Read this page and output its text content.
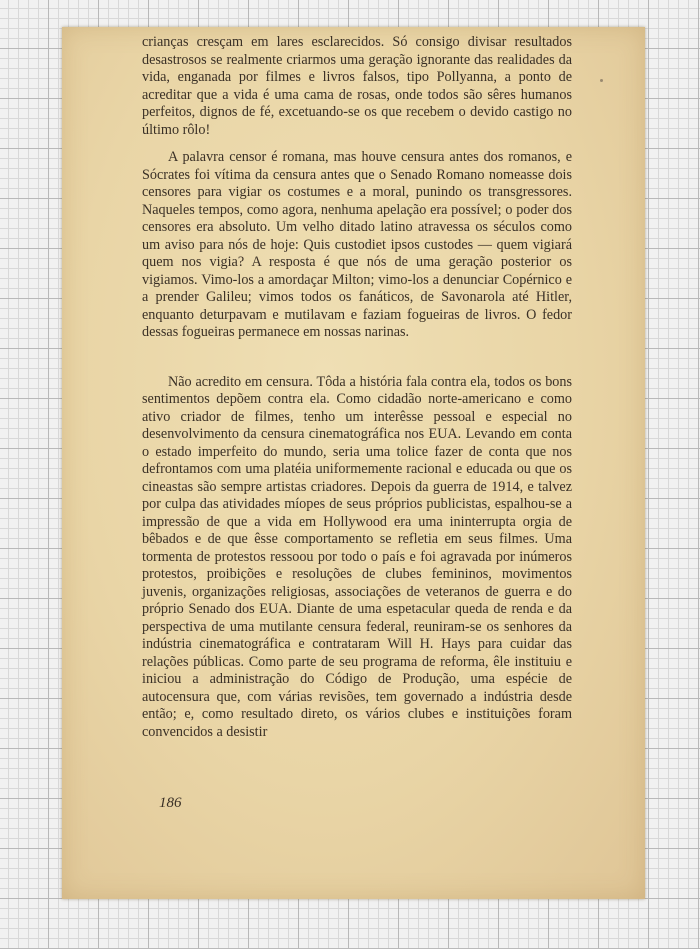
crianças cresçam em lares esclarecidos. Só consigo divisar resultados desastrosos se realmente criarmos uma geração ignorante das realidades da vida, enganada por filmes e livros falsos, tipo Pollyanna, a ponto de acreditar que a vida é uma cama de rosas, onde todos são sêres humanos perfeitos, dignos de fé, excetuando-se os que recebem o devido castigo no último rôlo!

A palavra censor é romana, mas houve censura antes dos romanos, e Sócrates foi vítima da censura antes que o Senado Romano nomeasse dois censores para vigiar os costumes e a moral, punindo os transgressores. Naqueles tempos, como agora, nenhuma apelação era possível; o poder dos censores era absoluto. Um velho ditado latino atravessa os séculos como um aviso para nós de hoje: Quis custodiet ipsos custodes — quem vigiará quem nos vigia? A resposta é que nós de uma geração posterior os vigiamos. Vimo-los a amordaçar Milton; vimo-los a denunciar Copérnico e a prender Galileu; vimos todos os fanáticos, de Savonarola até Hitler, enquanto deturpavam e mutilavam e faziam fogueiras de livros. O fedor dessas fogueiras permanece em nossas narinas.

Não acredito em censura. Tôda a história fala contra ela, todos os bons sentimentos depõem contra ela. Como cidadão norte-americano e como ativo criador de filmes, tenho um interêsse pessoal e especial no desenvolvimento da censura cinematográfica nos EUA. Levando em conta o estado imperfeito do mundo, seria uma tolice fazer de conta que nos defrontamos com uma platéia uniformemente racional e educada ou que os cineastas são sempre artistas criadores. Depois da guerra de 1914, e talvez por culpa das atividades míopes de seus próprios publicistas, espalhou-se a impressão de que a vida em Hollywood era uma ininterrupta orgia de bêbados e de que êsse comportamento se refletia em seus filmes. Uma tormenta de protestos ressoou por todo o país e foi agravada por inúmeros protestos, proibições e resoluções de clubes femininos, movimentos juvenis, organizações religiosas, associações de veteranos de guerra e do próprio Senado dos EUA. Diante de uma espetacular queda de renda e da perspectiva de uma mutilante censura federal, reuniram-se os senhores da indústria cinematográfica e contrataram Will H. Hays para cuidar das relações públicas. Como parte de seu programa de reforma, êle instituiu e iniciou a administração do Código de Produção, uma espécie de autocensura que, com várias revisões, tem governado a indústria desde então; e, como resultado direto, os vários clubes e instituições foram convencidos a desistir

186
